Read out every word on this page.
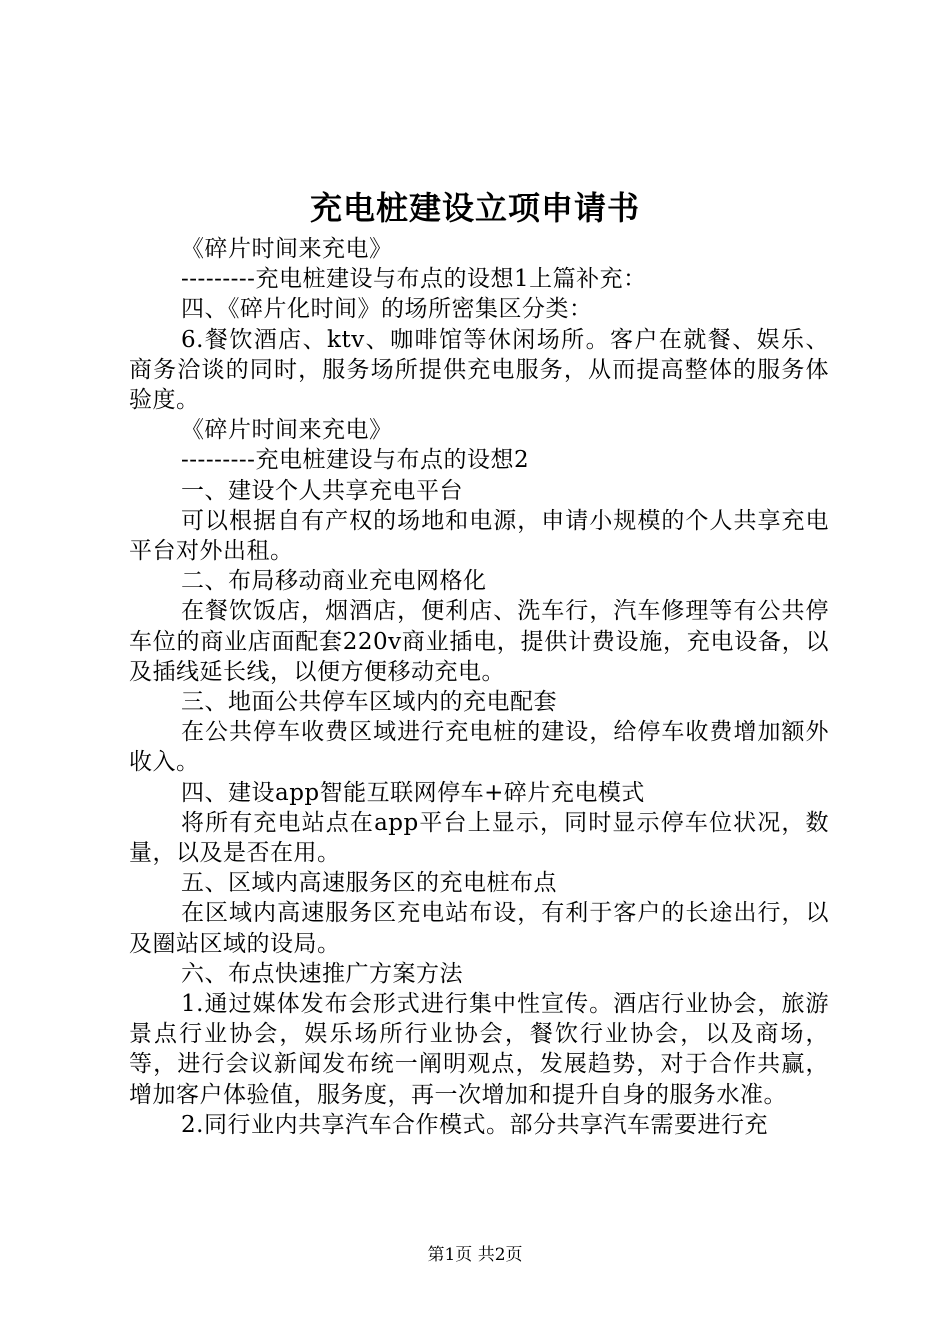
充电桩建设立项申请书

《碎片时间来充电》

---------充电桩建设与布点的设想1上篇补充：

四、《碎片化时间》的场所密集区分类：

6.餐饮酒店、ktv、咖啡馆等休闲场所。客户在就餐、娱乐、商务洽谈的同时，服务场所提供充电服务，从而提高整体的服务体验度。

《碎片时间来充电》

---------充电桩建设与布点的设想2

一、建设个人共享充电平台

可以根据自有产权的场地和电源，申请小规模的个人共享充电平台对外出租。

二、布局移动商业充电网格化

在餐饮饭店，烟酒店，便利店、洗车行，汽车修理等有公共停车位的商业店面配套220v商业插电，提供计费设施，充电设备，以及插线延长线，以便方便移动充电。

三、地面公共停车区域内的充电配套

在公共停车收费区域进行充电桩的建设，给停车收费增加额外收入。

四、建设app智能互联网停车+碎片充电模式

将所有充电站点在app平台上显示，同时显示停车位状况，数量，以及是否在用。

五、区域内高速服务区的充电桩布点

在区域内高速服务区充电站布设，有利于客户的长途出行，以及圈站区域的设局。

六、布点快速推广方案方法

1.通过媒体发布会形式进行集中性宣传。酒店行业协会，旅游景点行业协会，娱乐场所行业协会，餐饮行业协会，以及商场，等，进行会议新闻发布统一阐明观点，发展趋势，对于合作共赢，增加客户体验值，服务度，再一次增加和提升自身的服务水准。

2.同行业内共享汽车合作模式。部分共享汽车需要进行充

第1页 共2页
